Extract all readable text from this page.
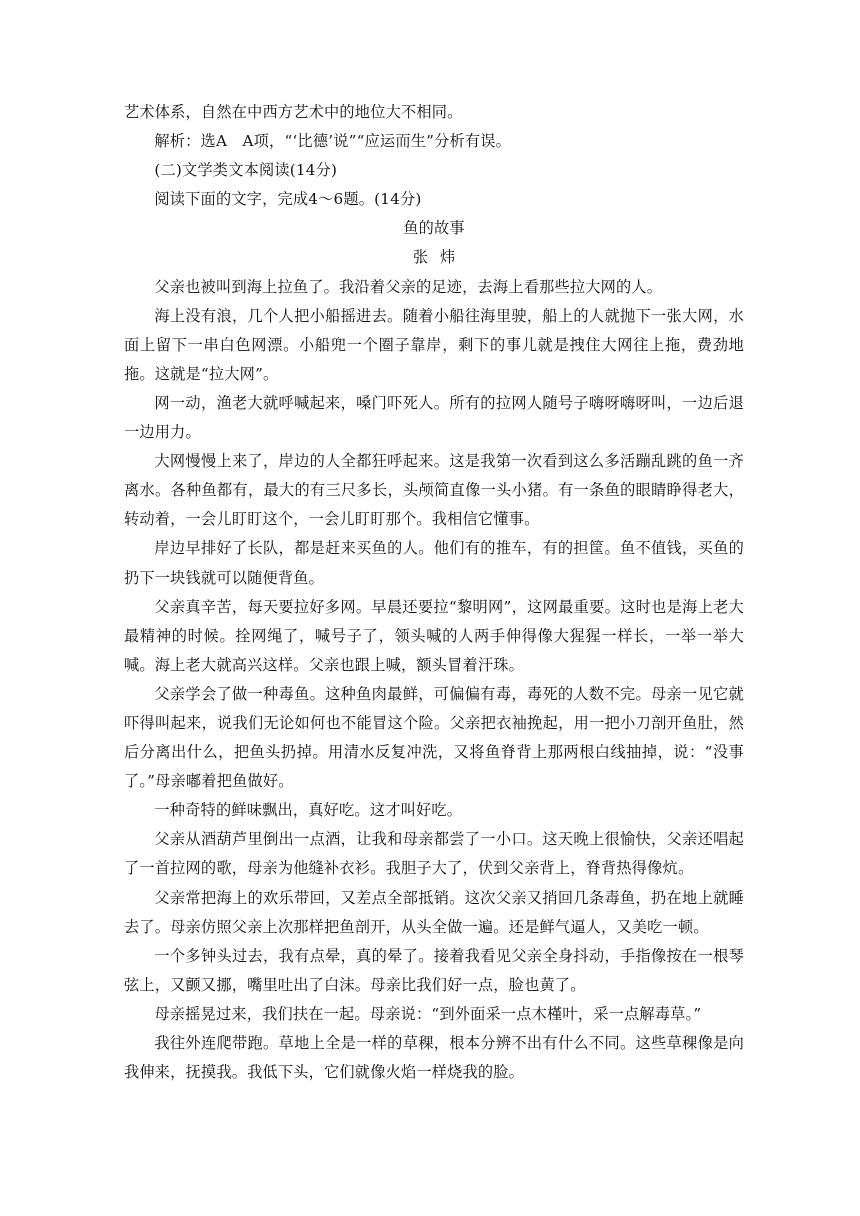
艺术体系，自然在中西方艺术中的地位大不相同。

解析：选A　A项，“‘比德’说”“应运而生”分析有误。

(二)文学类文本阅读(14分)

阅读下面的文字，完成4～6题。(14分)

鱼的故事

张炜

父亲也被叫到海上拉鱼了。我沿着父亲的足迹，去海上看那些拉大网的人。

海上没有浪，几个人把小船摇进去。随着小船往海里驶，船上的人就抛下一张大网，水面上留下一串白色网漂。小船兜一个圈子靠岸，剩下的事儿就是拽住大网往上拖，费劲地拖。这就是“拉大网”。

网一动，渔老大就呼喊起来，嗓门吓死人。所有的拉网人随号子嗨呀嗨呀叫，一边后退一边用力。

大网慢慢上来了，岸边的人全都狂呼起来。这是我第一次看到这么多活蹦乱跳的鱼一齐离水。各种鱼都有，最大的有三尺多长，头颅简直像一头小猪。有一条鱼的眼睛睁得老大，转动着，一会儿盯盯这个，一会儿盯盯那个。我相信它懂事。

岸边早排好了长队，都是赶来买鱼的人。他们有的推车，有的担筐。鱼不值钱，买鱼的扔下一块钱就可以随便背鱼。

父亲真辛苦，每天要拉好多网。早晨还要拉“黎明网”，这网最重要。这时也是海上老大最精神的时候。拴网绳了，喊号子了，领头喊的人两手伸得像大猩猩一样长，一举一举大喊。海上老大就高兴这样。父亲也跟上喊，额头冒着汗珠。

父亲学会了做一种毒鱼。这种鱼肉最鲜，可偏偏有毒，毒死的人数不完。母亲一见它就吓得叫起来，说我们无论如何也不能冒这个险。父亲把衣袖挽起，用一把小刀剖开鱼肚，然后分离出什么，把鱼头扔掉。用清水反复冲洗，又将鱼脊背上那两根白线抽掉，说：“没事了。”母亲嘟着把鱼做好。

一种奇特的鲜味飘出，真好吃。这才叫好吃。

父亲从酒葫芦里倒出一点酒，让我和母亲都尝了一小口。这天晚上很愉快，父亲还唱起了一首拉网的歌，母亲为他缝补衣衫。我胆子大了，伏到父亲背上，脊背热得像炕。

父亲常把海上的欢乐带回，又差点全部抵销。这次父亲又捎回几条毒鱼，扔在地上就睡去了。母亲仿照父亲上次那样把鱼剖开，从头全做一遍。还是鲜气逼人，又美吃一顿。

一个多钟头过去，我有点晕，真的晕了。接着我看见父亲全身抖动，手指像按在一根琴弦上，又颤又挪，嘴里吐出了白沫。母亲比我们好一点，脸也黄了。

母亲摇晃过来，我们扶在一起。母亲说：“到外面采一点木槿叶，采一点解毒草。”

我往外连爬带跑。草地上全是一样的草稞，根本分辨不出有什么不同。这些草稞像是向我伸来，抚摸我。我低下头，它们就像火焰一样烧我的脸。
